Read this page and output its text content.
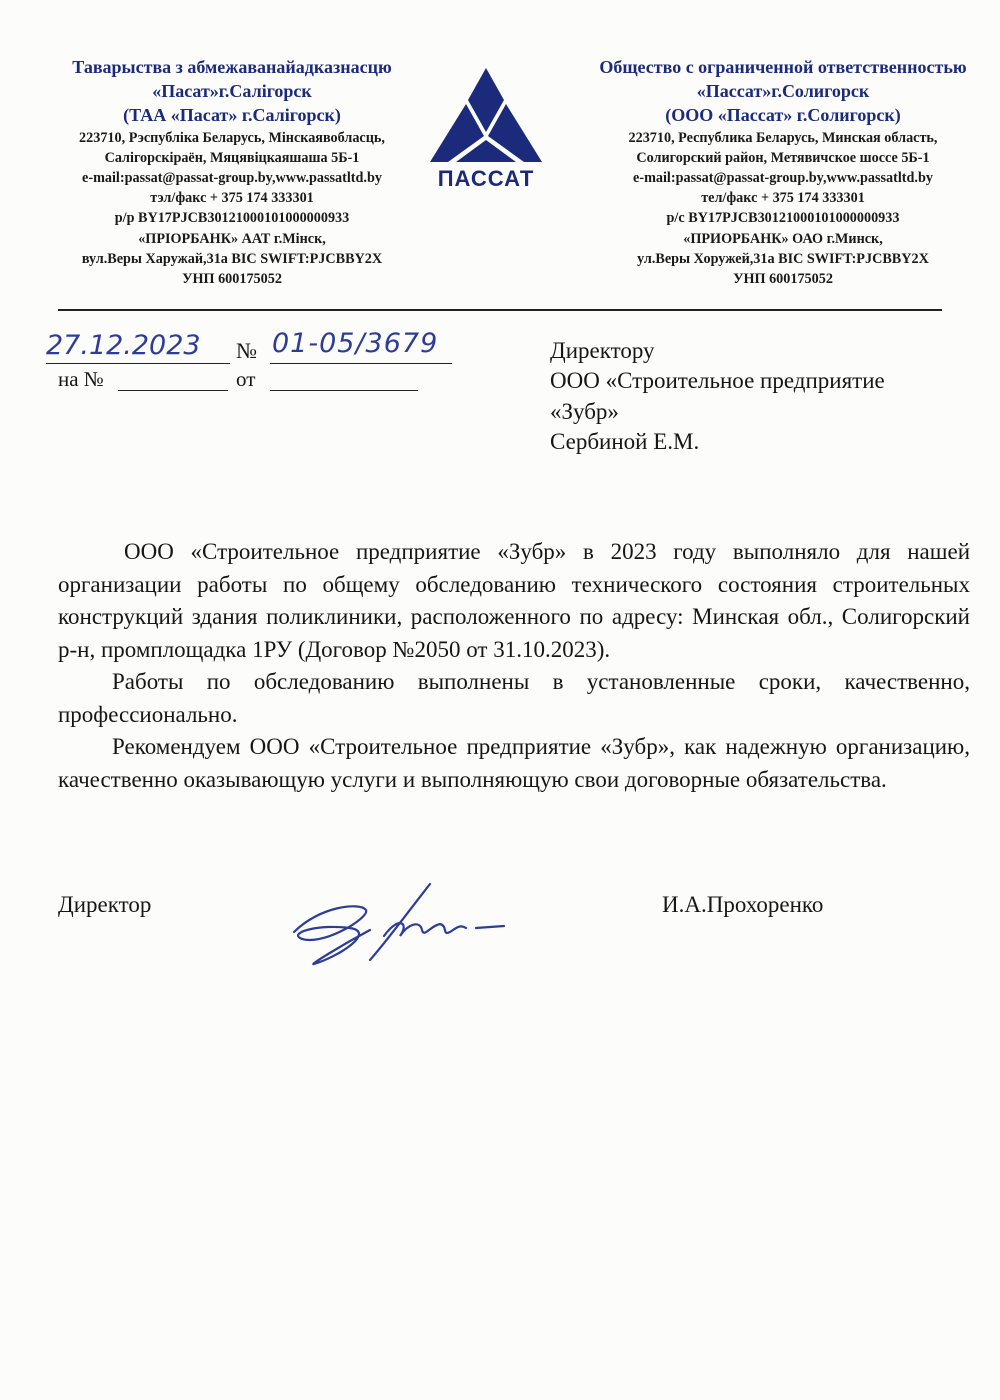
Таварыства з абмежаванайадказнасцю
«Пасат»г.Салігорск
(ТАА «Пасат» г.Салігорск)
223710, Рэспубліка Беларусь, Мінскаявобласць,
Салігорскіраён, Мяцявіцкаяшаша 5Б-1
e-mail:passat@passat-group.by,www.passatltd.by
тэл/факс + 375 174 333301
р/р BY17PJCB30121000101000000933
«ПРІОРБАНК» ААТ г.Мінск,
вул.Веры Харужай,31а BIC SWIFT:PJCBBY2X
УНП 600175052
ПАССАТ
Общество с ограниченной ответственностью
«Пассат»г.Солигорск
(ООО «Пассат» г.Солигорск)
223710, Республика Беларусь, Минская область,
Солигорский район, Метявичское шоссе 5Б-1
e-mail:passat@passat-group.by,www.passatltd.by
тел/факс + 375 174 333301
р/с BY17PJCB30121000101000000933
«ПРИОРБАНК» ОАО г.Минск,
ул.Веры Хоружей,31а BIC SWIFT:PJCBBY2X
УНП 600175052
27.12.2023 № 01-05/3679
на №	от
Директору
ООО «Строительное предприятие
«Зубр»
Сербиной Е.М.

ООО «Строительное предприятие «Зубр» в 2023 году выполняло для нашей организации работы по общему обследованию технического состояния строительных конструкций здания поликлиники, расположенного по адресу: Минская обл., Солигорский р-н, промплощадка 1РУ (Договор №2050 от 31.10.2023).

Работы по обследованию выполнены в установленные сроки, качественно, профессионально.

Рекомендуем ООО «Строительное предприятие «Зубр», как надежную организацию, качественно оказывающую услуги и выполняющую свои договорные обязательства.

Директор	И.А.Прохоренко
